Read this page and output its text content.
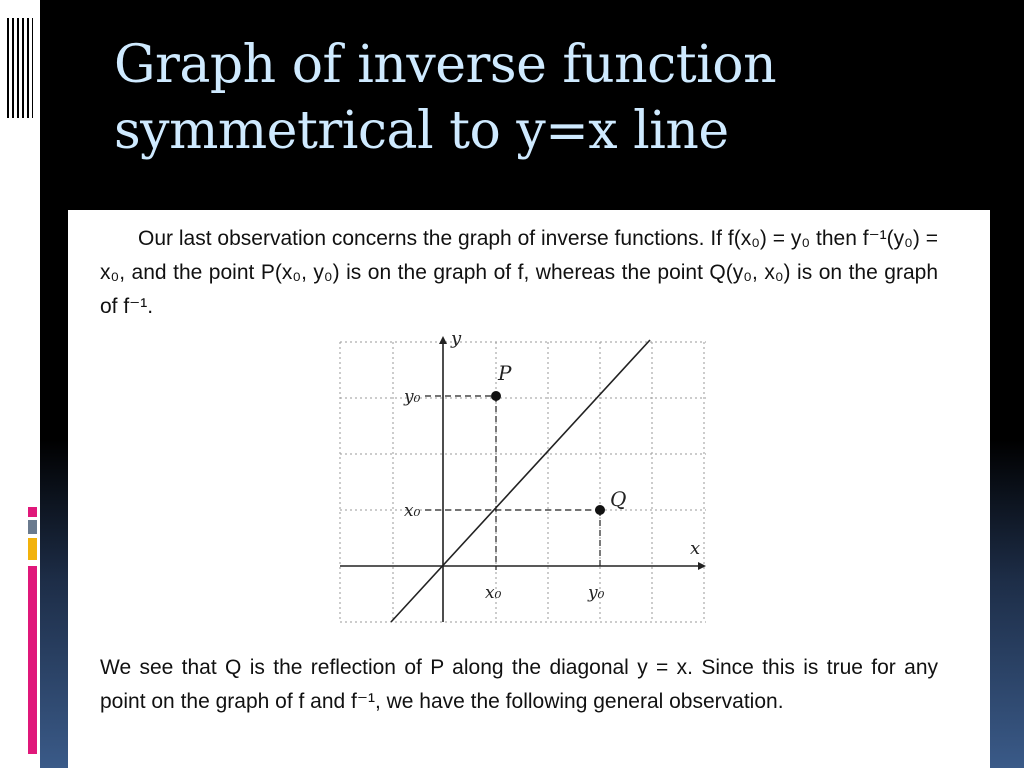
Graph of inverse function
symmetrical to y=x line

Our last observation concerns the graph of inverse functions. If f(x₀) = y₀ then f⁻¹(y₀) = x₀, and the point P(x₀, y₀) is on the graph of f, whereas the point Q(y₀, x₀) is on the graph of f⁻¹.

P
Q
y
x
y₀
x₀
x₀	y₀

We see that Q is the reflection of P along the diagonal y = x. Since this is true for any point on the graph of f and f⁻¹, we have the following general observation.
